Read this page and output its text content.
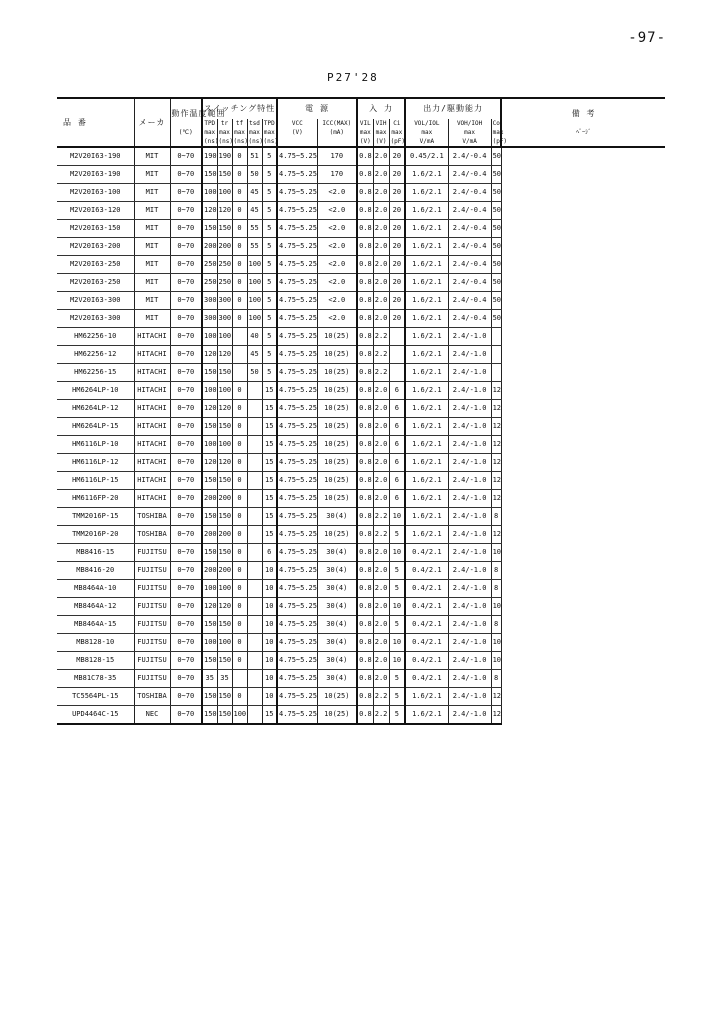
-97-
P27'28
品 番	メーカ	動作温度範囲	スイッチング特性					電 源		入 力			出力/駆動能力			備 考
			TPD	tr	tf	tsd	TPD	VCC	ICC(MAX)	VIL	VIH	Ci	VOL/IOL	VOH/IOH	Co	
		(℃)	max	max	max	max	max	(V)	(mA)	max	max	max	max	max	max	ﾍﾟｰｼﾞ
			(ns)	(ns)	(ns)	(ns)	(ns)			(V)	(V)	(pF)	V/mA	V/mA	(pF)	
M2V20I63-190	MIT	0~70	190	190	0	51	5	4.75~5.25	170	0.8	2.0	20	0.45/2.1	2.4/-0.4	50	
M2V20I63-190	MIT	0~70	150	150	0	50	5	4.75~5.25	170	0.8	2.0	20	1.6/2.1	2.4/-0.4	50	
M2V20I63-100	MIT	0~70	100	100	0	45	5	4.75~5.25	<2.0	0.8	2.0	20	1.6/2.1	2.4/-0.4	50	
M2V20I63-120	MIT	0~70	120	120	0	45	5	4.75~5.25	<2.0	0.8	2.0	20	1.6/2.1	2.4/-0.4	50	
M2V20I63-150	MIT	0~70	150	150	0	55	5	4.75~5.25	<2.0	0.8	2.0	20	1.6/2.1	2.4/-0.4	50	
M2V20I63-200	MIT	0~70	200	200	0	55	5	4.75~5.25	<2.0	0.8	2.0	20	1.6/2.1	2.4/-0.4	50	
M2V20I63-250	MIT	0~70	250	250	0	100	5	4.75~5.25	<2.0	0.8	2.0	20	1.6/2.1	2.4/-0.4	50	
M2V20I63-250	MIT	0~70	250	250	0	100	5	4.75~5.25	<2.0	0.8	2.0	20	1.6/2.1	2.4/-0.4	50	
M2V20I63-300	MIT	0~70	300	300	0	100	5	4.75~5.25	<2.0	0.8	2.0	20	1.6/2.1	2.4/-0.4	50	
M2V20I63-300	MIT	0~70	300	300	0	100	5	4.75~5.25	<2.0	0.8	2.0	20	1.6/2.1	2.4/-0.4	50	
HM62256-10	HITACHI	0~70	100	100		40	5	4.75~5.25	10(25)	0.8	2.2		1.6/2.1	2.4/-1.0		
HM62256-12	HITACHI	0~70	120	120		45	5	4.75~5.25	10(25)	0.8	2.2		1.6/2.1	2.4/-1.0		
HM62256-15	HITACHI	0~70	150	150		50	5	4.75~5.25	10(25)	0.8	2.2		1.6/2.1	2.4/-1.0		
HM6264LP-10	HITACHI	0~70	100	100	0		15	4.75~5.25	10(25)	0.8	2.0	6	1.6/2.1	2.4/-1.0	12	
HM6264LP-12	HITACHI	0~70	120	120	0		15	4.75~5.25	10(25)	0.8	2.0	6	1.6/2.1	2.4/-1.0	12	
HM6264LP-15	HITACHI	0~70	150	150	0		15	4.75~5.25	10(25)	0.8	2.0	6	1.6/2.1	2.4/-1.0	12	
HM6116LP-10	HITACHI	0~70	100	100	0		15	4.75~5.25	10(25)	0.8	2.0	6	1.6/2.1	2.4/-1.0	12	
HM6116LP-12	HITACHI	0~70	120	120	0		15	4.75~5.25	10(25)	0.8	2.0	6	1.6/2.1	2.4/-1.0	12	
HM6116LP-15	HITACHI	0~70	150	150	0		15	4.75~5.25	10(25)	0.8	2.0	6	1.6/2.1	2.4/-1.0	12	
HM6116FP-20	HITACHI	0~70	200	200	0		15	4.75~5.25	10(25)	0.8	2.0	6	1.6/2.1	2.4/-1.0	12	
TMM2016P-15	TOSHIBA	0~70	150	150	0		15	4.75~5.25	30(4)	0.8	2.2	10	1.6/2.1	2.4/-1.0	8	
TMM2016P-20	TOSHIBA	0~70	200	200	0		15	4.75~5.25	10(25)	0.8	2.2	5	1.6/2.1	2.4/-1.0	12	
MB8416-15	FUJITSU	0~70	150	150	0		6	4.75~5.25	30(4)	0.8	2.0	10	0.4/2.1	2.4/-1.0	10	
MB8416-20	FUJITSU	0~70	200	200	0		10	4.75~5.25	30(4)	0.8	2.0	5	0.4/2.1	2.4/-1.0	8	
MB8464A-10	FUJITSU	0~70	100	100	0		10	4.75~5.25	30(4)	0.8	2.0	5	0.4/2.1	2.4/-1.0	8	
MB8464A-12	FUJITSU	0~70	120	120	0		10	4.75~5.25	30(4)	0.8	2.0	10	0.4/2.1	2.4/-1.0	10	
MB8464A-15	FUJITSU	0~70	150	150	0		10	4.75~5.25	30(4)	0.8	2.0	5	0.4/2.1	2.4/-1.0	8	
MB8128-10	FUJITSU	0~70	100	100	0		10	4.75~5.25	30(4)	0.8	2.0	10	0.4/2.1	2.4/-1.0	10	
MB8128-15	FUJITSU	0~70	150	150	0		10	4.75~5.25	30(4)	0.8	2.0	10	0.4/2.1	2.4/-1.0	10	
MB81C78-35	FUJITSU	0~70	35	35			10	4.75~5.25	30(4)	0.8	2.0	5	0.4/2.1	2.4/-1.0	8	
TC5564PL-15	TOSHIBA	0~70	150	150	0		10	4.75~5.25	10(25)	0.8	2.2	5	1.6/2.1	2.4/-1.0	12	
UPD4464C-15	NEC	0~70	150	150	100		15	4.75~5.25	10(25)	0.8	2.2	5	1.6/2.1	2.4/-1.0	12	
